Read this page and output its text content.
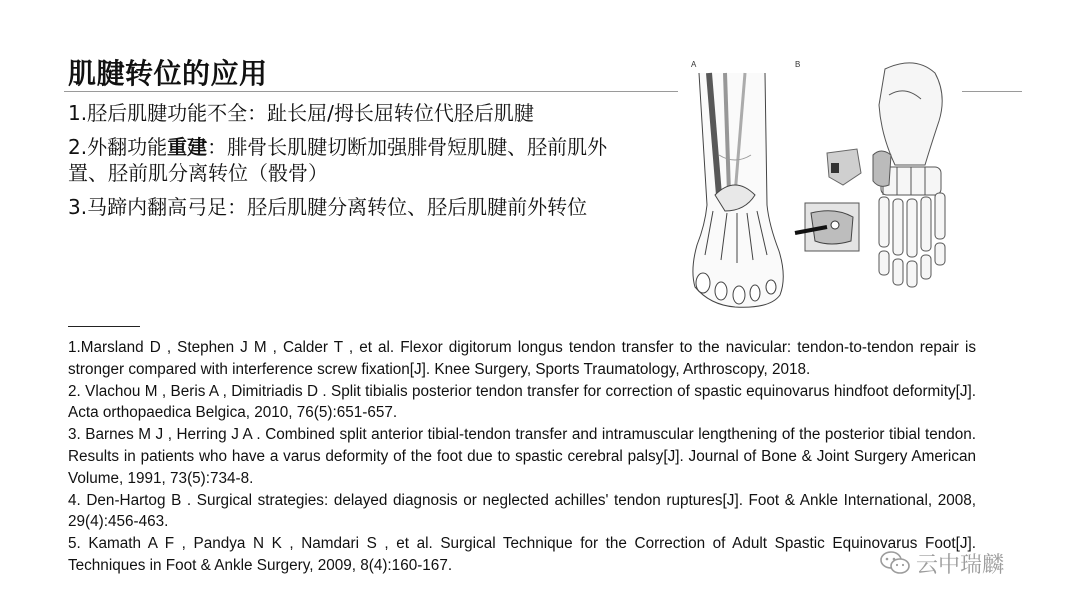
肌腱转位的应用

1.胫后肌腱功能不全：趾长屈/拇长屈转位代胫后肌腱

2.外翻功能重建：腓骨长肌腱切断加强腓骨短肌腱、胫前肌外置、胫前肌分离转位（骰骨）

3.马蹄内翻高弓足：胫后肌腱分离转位、胫后肌腱前外转位

A	B

1.Marsland D , Stephen J M , Calder T , et al. Flexor digitorum longus tendon transfer to the navicular: tendon-to-tendon repair is stronger compared with interference screw fixation[J]. Knee Surgery, Sports Traumatology, Arthroscopy, 2018.

2. Vlachou M , Beris A , Dimitriadis D . Split tibialis posterior tendon transfer for correction of spastic equinovarus hindfoot deformity[J]. Acta orthopaedica Belgica, 2010, 76(5):651-657.

3. Barnes M J , Herring J A . Combined split anterior tibial-tendon transfer and intramuscular lengthening of the posterior tibial tendon. Results in patients who have a varus deformity of the foot due to spastic cerebral palsy[J]. Journal of Bone & Joint Surgery American Volume, 1991, 73(5):734-8.

4. Den-Hartog B . Surgical strategies: delayed diagnosis or neglected achilles' tendon ruptures[J]. Foot & Ankle International, 2008, 29(4):456-463.

5. Kamath A F , Pandya N K , Namdari S , et al. Surgical Technique for the Correction of Adult Spastic Equinovarus Foot[J]. Techniques in Foot & Ankle Surgery, 2009, 8(4):160-167.	云中瑞麟
